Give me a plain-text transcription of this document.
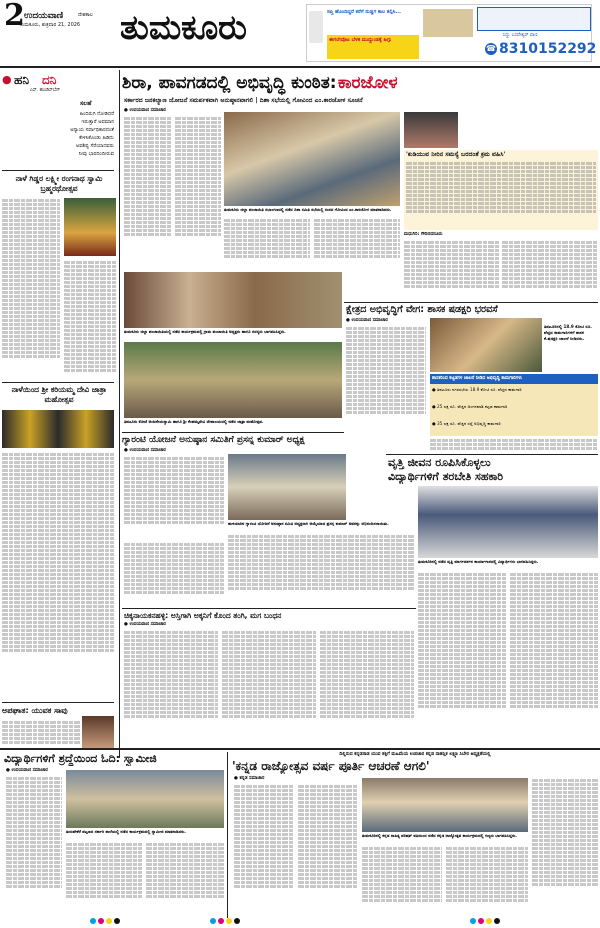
2 ಉದಯವಾಣಿ	ದೇಶಕಾಲ
ತುಮಕೂರು, ಶುಕ್ರವಾರ 21, 2026 ತುಮಕೂರು	ಸಪ್ತಿ ಹೊಂದಿದ್ದರೆ ಕರೆಗೆ ನುಡ್ಡಗ ಕಾಲ ಕಲ್ಪಿಸಿ...
ಈಗಲೇವೊಟ ಬೆಳಕ ಮುದ್ದುಂಡಕ್ಕೆ ಹಿಗ್ಗು
ಸಿದ್ದು ಬಸವೇಶ್ವರ್ ವಾಣಿ
☎ 8310152292
● ಹನಿ ದನಿ
ಎಸ್. ಹುಂಡಿಸ್‌ಬೆನ್
ಸಲಹೆ
ಹಿಂದಿರುಗಿ ನೋಡಿದರೆ
ಇರುತ್ತಾರೆ ಅವಮಾನ
ಅನ್ಯಾಯ ಸರ್ವಾಧಿಕಾರದಂತೆ
ಕೇಳಿಸಿಕೊಂಡು ಹಿಡಿದು
ಅವಶಿಷ್ಟ ಸೆರೆಯಾದವರು
ನೀವು ಭಾರದಿಂದೀರುವ
ನಾಳೆ ಗಿಡ್ಡರ ಲಕ್ಷ್ಮೀ ರಂಗನಾಥ ಸ್ವಾಮಿ ಬ್ರಹ್ಮರಥೋತ್ಸವ
ನಾಳೆಯಿಂದ ಶ್ರೀ ಕರಿಯಮ್ಮ ದೇವಿ ಜಾತ್ರಾ ಮಹೋತ್ಸವ
ಅಪಘಾತ: ಯುವಕ ಸಾವು
ಶಿರಾ, ಪಾವಗಡದಲ್ಲಿ ಅಭಿವೃದ್ಧಿ ಕುಂಠಿತ: ಕಾರಜೋಳ
ಸರ್ಕಾರದ ಜನಕಲ್ಯಾಣ ಯೋಜನೆ ಸಮರ್ಪಕವಾಗಿ ಅನುಷ್ಠಾನವಾಗಲಿ | ದಿಶಾ ಸಭೆಯಲ್ಲಿ ಗೋವಿಂದ ಎಂ.ಕಾರಜೋಳ ಸೂಚನೆ
● ಉದಯವಾಣಿ ಸಮಾಚಾರ
ತುಮಕೂರು ಜಿಲ್ಲಾ ಪಂಚಾಯಿತಿ ಸಭಾಂಗಣದಲ್ಲಿ ನಡೆದ ದಿಶಾ ಸಮಿತಿ ಸಭೆಯಲ್ಲಿ ಸಂಸದ ಗೋವಿಂದ ಎಂ.ಕಾರಜೋಳ ಮಾತನಾಡಿದರು.
'ಕುಡಿಯುವ ನೀರಿನ ಸಮಸ್ಯೆ ಬರದಂತೆ ಕ್ರಮ ವಹಿಸಿ'
ಮಧುಗಿರಿ: ಗೌರಿಬಿದನೂರು
ತುಮಕೂರು ಜಿಲ್ಲಾ ಪಂಚಾಯಿತಿಯಲ್ಲಿ ನಡೆದ ಕಾರ್ಯಕ್ರಮದಲ್ಲಿ ಗ್ರಾಮ ಪಂಚಾಯಿತಿ ಅಧ್ಯಕ್ಷರು ಹಾಗೂ ಸದಸ್ಯರು ಭಾಗವಹಿಸಿದ್ದರು.
ತಿಪಟೂರು ಕೋಟೆ ಆಂಜನೇಯಸ್ವಾಮಿ ಹಾಗೂ ಶ್ರೀ ಕೆಂಪಮ್ಮದೇವಿ ದೇವಾಲಯದಲ್ಲಿ ನಡೆದ ಜಾತ್ರಾ ಮಹೋತ್ಸವ.
ಕ್ಷೇತ್ರದ ಅಭಿವೃದ್ಧಿಗೆ ವೇಗ: ಶಾಸಕ ಷಡಕ್ಷರಿ ಭರವಸೆ
● ಉದಯವಾಣಿ ಸಮಾಚಾರ
ತಿಪಟೂರಿನಲ್ಲಿ 18.9 ಕೋಟಿ ರೂ. ವೆಚ್ಚದ ಕಾಮಗಾರಿಗಳಿಗೆ ಶಾಸಕ ಕೆ.ಷಡಕ್ಷರಿ ಚಾಲನೆ ನೀಡಿದರು.
ಶಾಸಕರಿಂದ ಕಟ್ಟಡಗಳ ಚಾಲನೆ ನೀಡಿದ ಅಭಿವೃದ್ಧಿ ಕಾಮಗಾರಿಗಳು
● ತಿಪಟೂರು ನಗರಸಭೆಯ 18.9 ಕೋಟಿ ರೂ. ವೆಚ್ಚದ ಕಾಮಗಾರಿ
● 25 ಲಕ್ಷ ರೂ. ವೆಚ್ಚದ ಅಂಗನವಾಡಿ ಕಟ್ಟಡ ಕಾಮಗಾರಿ
● 35 ಲಕ್ಷ ರೂ. ವೆಚ್ಚದ ರಸ್ತೆ ಅಭಿವೃದ್ಧಿ ಕಾಮಗಾರಿ
ಗ್ಯಾರಂಟಿ ಯೋಜನೆ ಅನುಷ್ಠಾನ ಸಮಿತಿಗೆ ಪ್ರಸನ್ನ ಕುಮಾರ್ ಅಧ್ಯಕ್ಷ
● ಉದಯವಾಣಿ ಸಮಾಚಾರ
ಹುಳಿಯಾರಿನ ಗ್ಯಾರಂಟಿ ಯೋಜನೆ ಅನುಷ್ಠಾನ ಸಮಿತಿ ಅಧ್ಯಕ್ಷರಾಗಿ ಆಯ್ಕೆಯಾದ ಪ್ರಸನ್ನ ಕುಮಾರ್ ಅವರನ್ನು ಅಭಿನಂದಿಸಲಾಯಿತು.
ವೃತ್ತಿ ಜೀವನ ರೂಪಿಸಿಕೊಳ್ಳಲು
ವಿದ್ಯಾರ್ಥಿಗಳಿಗೆ ತರಬೇತಿ ಸಹಕಾರಿ
ತುಮಕೂರಿನಲ್ಲಿ ನಡೆದ ವೃತ್ತಿ ಮಾರ್ಗದರ್ಶನ ಕಾರ್ಯಾಗಾರದಲ್ಲಿ ವಿದ್ಯಾರ್ಥಿಗಳು ಭಾಗವಹಿಸಿದ್ದರು.
ಚಿಕ್ಕನಾಯಕನಹಳ್ಳಿ: ಅಸ್ತಿಗಾಗಿ ಅಕ್ಕನಿಗೆ ಕೊಂದ ತಂಗಿ, ಮಗ ಬಂಧನ
● ಉದಯವಾಣಿ ಸಮಾಚಾರ
ವಿದ್ಯಾರ್ಥಿಗಳಿಗೆ ಶ್ರದ್ಧೆಯಿಂದ ಓದಿ: ಸ್ವಾಮೀಜಿ
● ಉದಯವಾಣಿ ಸಮಾಚಾರ
ತುರುವೇಕೆರೆ ಪಟ್ಟಣದ ಸರ್ಕಾರಿ ಶಾಲೆಯಲ್ಲಿ ನಡೆದ ಕಾರ್ಯಕ್ರಮದಲ್ಲಿ ಸ್ವಾಮೀಜಿ ಮಾತನಾಡಿದರು.
ದಿಲ್ಲಿರುದ ಕನ್ನಡನಾಡ ಯುವ ಶಕ್ತಿಗೆ ಮಹಿಮೆಯ ಉಪಚಾರ ಕನ್ನಡ ಸಾಹಸ್ತಿಕ ಲಕ್ಷ್ಮಣ ಸಿಬೇರ ಅಧ್ಯಕ್ಷತೆಯಲ್ಲಿ
'ಕನ್ನಡ ರಾಜ್ಯೋತ್ಸವ ವರ್ಷ ಪೂರ್ತಿ ಆಚರಣೆ ಆಗಲಿ'
● ಕನ್ನಡ ಸಮಾಚಾರ
ತುಮಕೂರಿನಲ್ಲಿ ಕನ್ನಡ ಸಾಹಿತ್ಯ ಪರಿಷತ್ ವತಿಯಿಂದ ನಡೆದ ಕನ್ನಡ ರಾಜ್ಯೋತ್ಸವ ಕಾರ್ಯಕ್ರಮದಲ್ಲಿ ಗಣ್ಯರು ಭಾಗವಹಿಸಿದ್ದರು.
